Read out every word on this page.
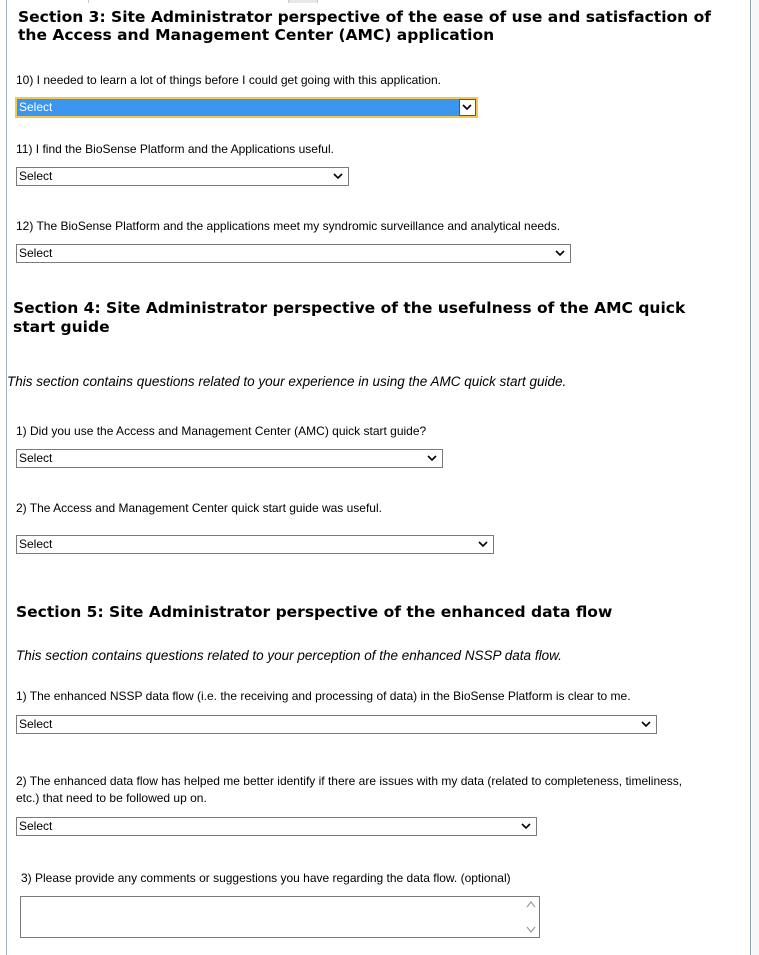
Section 3: Site Administrator perspective of the ease of use and satisfaction of
the Access and Management Center (AMC) application

10) I needed to learn a lot of things before I could get going with this application.

Select

11) I find the BioSense Platform and the Applications useful.

Select

12) The BioSense Platform and the applications meet my syndromic surveillance and analytical needs.

Select
Section 4: Site Administrator perspective of the usefulness of the AMC quick
start guide

This section contains questions related to your experience in using the AMC quick start guide.

1) Did you use the Access and Management Center (AMC) quick start guide?

Select

2) The Access and Management Center quick start guide was useful.

Select
Section 5: Site Administrator perspective of the enhanced data flow

This section contains questions related to your perception of the enhanced NSSP data flow.

1) The enhanced NSSP data flow (i.e. the receiving and processing of data) in the BioSense Platform is clear to me.

Select

2) The enhanced data flow has helped me better identify if there are issues with my data (related to completeness, timeliness,
etc.) that need to be followed up on.

Select

3) Please provide any comments or suggestions you have regarding the data flow. (optional)
